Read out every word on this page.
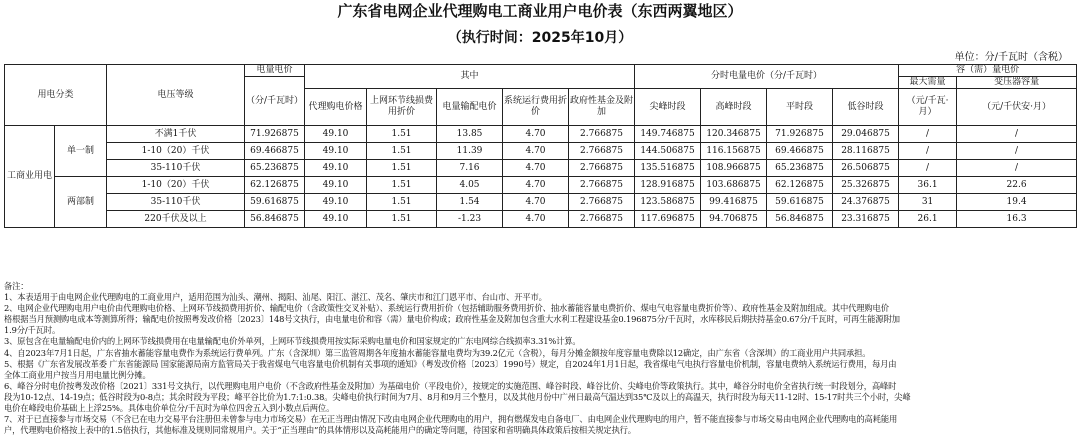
广东省电网企业代理购电工商业用户电价表（东西两翼地区）
（执行时间：2025年10月）
单位：分/千瓦时（含税）
用电分类		电压等级	电量电价	其中					分时电量电价（分/千瓦时）				容（需）量电价	
			（分/千瓦时）										最大需量	变压器容量
				代理购电价格	上网环节线损费用折价	电量输配电价	系统运行费用折价	政府性基金及附加	尖峰时段	高峰时段	平时段	低谷时段	（元/千瓦·月）	（元/千伏安·月）
工商业用电	单一制	不满1千伏	71.926875	49.10	1.51	13.85	4.70	2.766875	149.746875	120.346875	71.926875	29.046875	/	/
		1-10（20）千伏	69.466875	49.10	1.51	11.39	4.70	2.766875	144.506875	116.156875	69.466875	28.116875	/	/
		35-110千伏	65.236875	49.10	1.51	7.16	4.70	2.766875	135.516875	108.966875	65.236875	26.506875	/	/
	两部制	1-10（20）千伏	62.126875	49.10	1.51	4.05	4.70	2.766875	128.916875	103.686875	62.126875	25.326875	36.1	22.6
		35-110千伏	59.616875	49.10	1.51	1.54	4.70	2.766875	123.586875	99.416875	59.616875	24.376875	31	19.4
		220千伏及以上	56.846875	49.10	1.51	-1.23	4.70	2.766875	117.696875	94.706875	56.846875	23.316875	26.1	16.3
备注：
1、本表适用于由电网企业代理购电的工商业用户，适用范围为汕头、潮州、揭阳、汕尾、阳江、湛江、茂名、肇庆市和江门恩平市、台山市、开平市。
2、电网企业代理购电用户电价由代理购电价格、上网环节线损费用折价、输配电价（含政策性交叉补贴）、系统运行费用折价（包括辅助服务费用折价、抽水蓄能容量电费折价、煤电气电容量电费折价等）、政府性基金及附加组成。其中代理购电价
格根据当月预测购电成本等测算所得；输配电价按照粤发改价格〔2023〕148号文执行，由电量电价和容（需）量电价构成；政府性基金及附加包含重大水利工程建设基金0.196875分/千瓦时，水库移民后期扶持基金0.67分/千瓦时，可再生能源附加
1.9分/千瓦时。
3、原包含在电量输配电价内的上网环节线损费用在电量输配电价外单列，上网环节线损费用按实际采购电量电价和国家规定的广东电网综合线损率3.31%计算。
4、自2023年7月1日起，广东省抽水蓄能容量电费作为系统运行费单列。广东（含深圳）第三监管周期各年度抽水蓄能容量电费均为39.2亿元（含税），每月分摊金额按年度容量电费除以12确定，由广东省（含深圳）的工商业用户共同承担。
5、根据《广东省发展改革委 广东省能源局 国家能源局南方监管局关于我省煤电气电容量电价机制有关事项的通知》（粤发改价格〔2023〕1990号）规定，自2024年1月1日起，我省煤电气电执行容量电价机制，容量电费纳入系统运行费用，每月由
全体工商业用户按当月用电量比例分摊。
6、峰谷分时电价按粤发改价格〔2021〕331号文执行，以代理购电用户电价（不含政府性基金及附加）为基础电价（平段电价），按规定的实施范围、峰谷时段、峰谷比价、尖峰电价等政策执行。其中，峰谷分时电价全省执行统一时段划分，高峰时
段为10-12点、14-19点；低谷时段为0-8点；其余时段为平段；峰平谷比价为1.7:1:0.38。尖峰电价执行时间为7月、8月和9月三个整月，以及其他月份中广州日最高气温达到35℃及以上的高温天，执行时段为每天11-12时、15-17时共三个小时，尖峰
电价在峰段电价基础上上浮25%。具体电价单位分/千瓦时为单位四舍五入到小数点后两位。
7、对于已直接参与市场交易（不含已在电力交易平台注册但未曾参与电力市场交易）在无正当理由情况下改由电网企业代理购电的用户，拥有燃煤发电自备电厂、由电网企业代理购电的用户，暂不能直接参与市场交易由电网企业代理购电的高耗能用
户，代理购电价格按上表中的1.5倍执行，其他标准及规则同常规用户。关于“正当理由”的具体情形以及高耗能用户的确定等问题，待国家和省明确具体政策后按相关规定执行。
